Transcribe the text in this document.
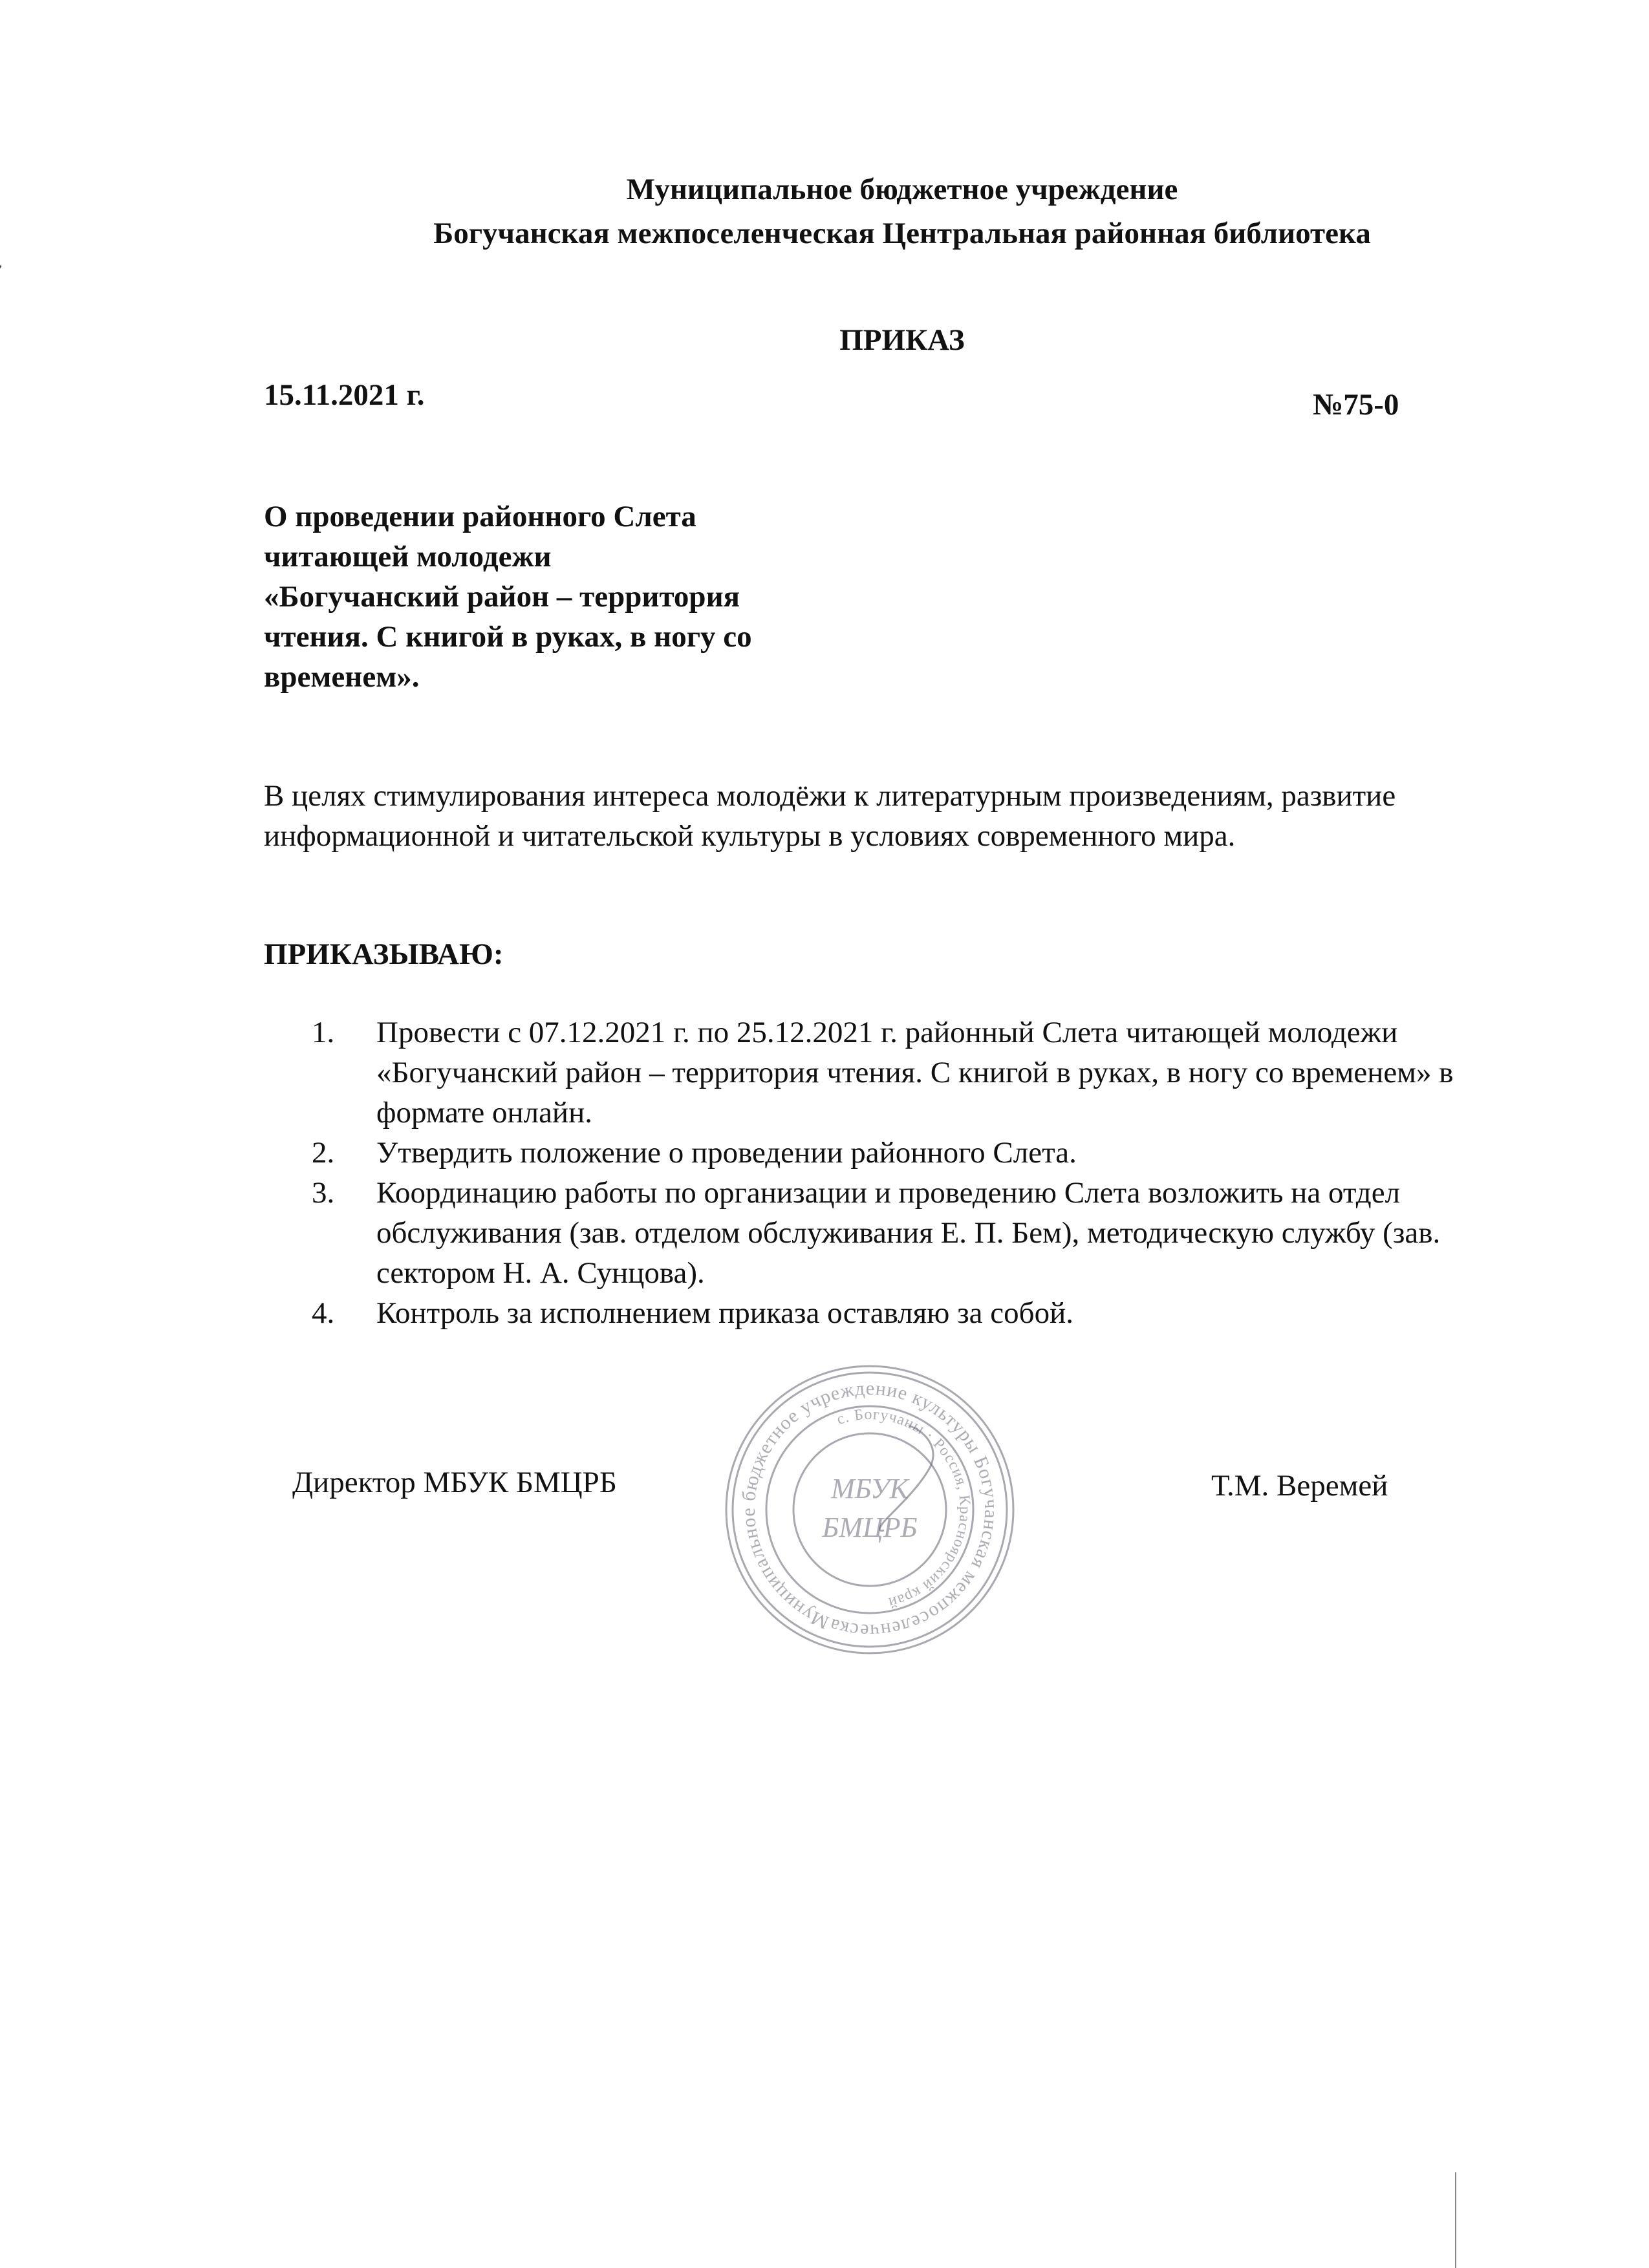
Муниципальное бюджетное учреждение
Богучанская межпоселенческая Центральная районная библиотека
ПРИКАЗ
15.11.2021 г.	№75-0
О проведении районного Слета
читающей молодежи
«Богучанский район – территория
чтения. С книгой в руках, в ногу со
временем».
В целях стимулирования интереса молодёжи к литературным произведениям, развитие информационной и читательской культуры в условиях современного мира.
ПРИКАЗЫВАЮ:
1.	Провести с 07.12.2021 г. по 25.12.2021 г. районный Слета читающей молодежи «Богучанский район – территория чтения. С книгой в руках, в ногу со временем» в формате онлайн.
2.	Утвердить положение о проведении районного Слета.
3.	Координацию работы по организации и проведению Слета возложить на отдел обслуживания (зав. отделом обслуживания Е. П. Бем), методическую службу (зав. сектором Н. А. Сунцова).
4.	Контроль за исполнением приказа оставляю за собой.
Директор МБУК БМЦРБ	Т.М. Веремей
Муниципальное бюджетное учреждение культуры Богучанская межпоселенческая
с. Богучаны · Россия, Красноярский край
МБУК
БМЦРБ
